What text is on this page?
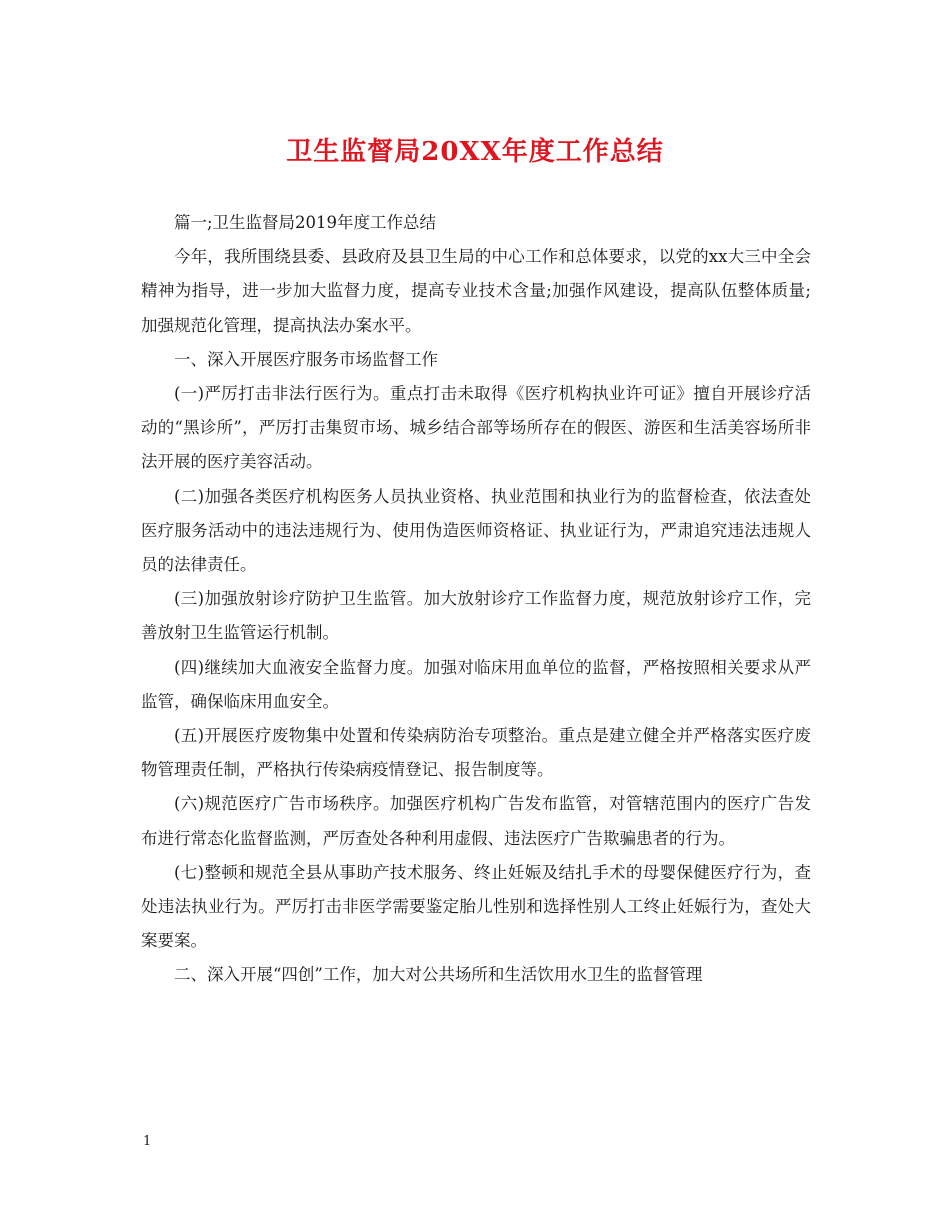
卫生监督局20XX年度工作总结

篇一;卫生监督局2019年度工作总结

今年，我所围绕县委、县政府及县卫生局的中心工作和总体要求，以党的xx大三中全会精神为指导，进一步加大监督力度，提高专业技术含量;加强作风建设，提高队伍整体质量;加强规范化管理，提高执法办案水平。

一、深入开展医疗服务市场监督工作

(一)严厉打击非法行医行为。重点打击未取得《医疗机构执业许可证》擅自开展诊疗活动的“黑诊所”，严厉打击集贸市场、城乡结合部等场所存在的假医、游医和生活美容场所非法开展的医疗美容活动。

(二)加强各类医疗机构医务人员执业资格、执业范围和执业行为的监督检查，依法查处医疗服务活动中的违法违规行为、使用伪造医师资格证、执业证行为，严肃追究违法违规人员的法律责任。

(三)加强放射诊疗防护卫生监管。加大放射诊疗工作监督力度，规范放射诊疗工作，完善放射卫生监管运行机制。

(四)继续加大血液安全监督力度。加强对临床用血单位的监督，严格按照相关要求从严监管，确保临床用血安全。

(五)开展医疗废物集中处置和传染病防治专项整治。重点是建立健全并严格落实医疗废物管理责任制，严格执行传染病疫情登记、报告制度等。

(六)规范医疗广告市场秩序。加强医疗机构广告发布监管，对管辖范围内的医疗广告发布进行常态化监督监测，严厉查处各种利用虚假、违法医疗广告欺骗患者的行为。

(七)整顿和规范全县从事助产技术服务、终止妊娠及结扎手术的母婴保健医疗行为，查处违法执业行为。严厉打击非医学需要鉴定胎儿性别和选择性别人工终止妊娠行为，查处大案要案。

二、深入开展“四创”工作，加大对公共场所和生活饮用水卫生的监督管理

1
